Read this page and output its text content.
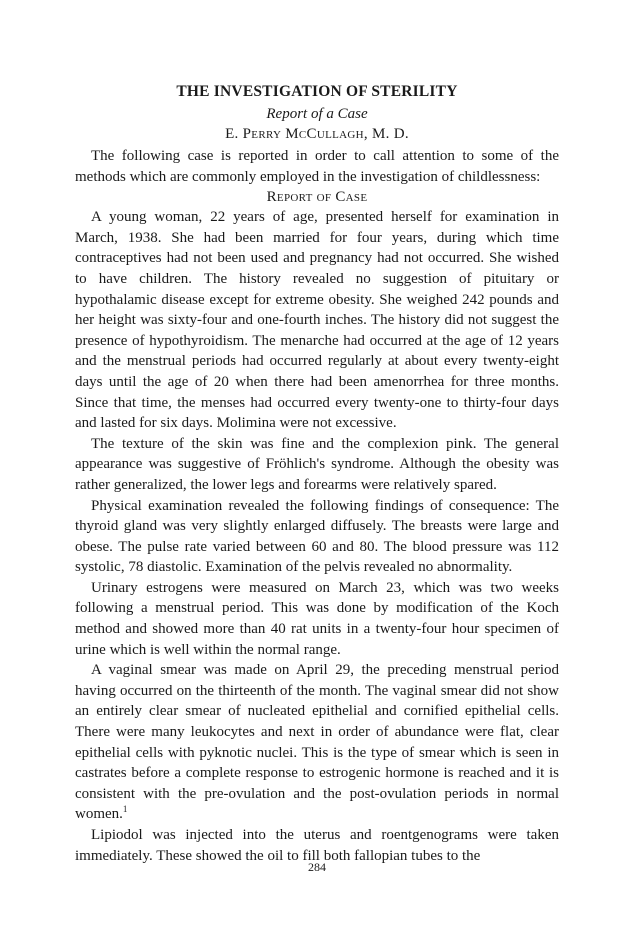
THE INVESTIGATION OF STERILITY

Report of a Case

E. Perry McCullagh, M. D.

The following case is reported in order to call attention to some of the methods which are commonly employed in the investigation of childlessness:

Report of Case

A young woman, 22 years of age, presented herself for examination in March, 1938. She had been married for four years, during which time contraceptives had not been used and pregnancy had not occurred. She wished to have children. The history revealed no suggestion of pituitary or hypothalamic disease except for extreme obesity. She weighed 242 pounds and her height was sixty-four and one-fourth inches. The history did not suggest the presence of hypothyroidism. The menarche had occurred at the age of 12 years and the menstrual periods had occurred regularly at about every twenty-eight days until the age of 20 when there had been amenorrhea for three months. Since that time, the menses had occurred every twenty-one to thirty-four days and lasted for six days. Molimina were not excessive.

The texture of the skin was fine and the complexion pink. The general appearance was suggestive of Fröhlich's syndrome. Although the obesity was rather generalized, the lower legs and forearms were relatively spared.

Physical examination revealed the following findings of consequence: The thyroid gland was very slightly enlarged diffusely. The breasts were large and obese. The pulse rate varied between 60 and 80. The blood pressure was 112 systolic, 78 diastolic. Examination of the pelvis revealed no abnormality.

Urinary estrogens were measured on March 23, which was two weeks following a menstrual period. This was done by modification of the Koch method and showed more than 40 rat units in a twenty-four hour specimen of urine which is well within the normal range.

A vaginal smear was made on April 29, the preceding menstrual period having occurred on the thirteenth of the month. The vaginal smear did not show an entirely clear smear of nucleated epithelial and cornified epithelial cells. There were many leukocytes and next in order of abundance were flat, clear epithelial cells with pyknotic nuclei. This is the type of smear which is seen in castrates before a complete response to estrogenic hormone is reached and it is consistent with the pre-ovulation and the post-ovulation periods in normal women.$^1$

Lipiodol was injected into the uterus and roentgenograms were taken immediately. These showed the oil to fill both fallopian tubes to the

284
